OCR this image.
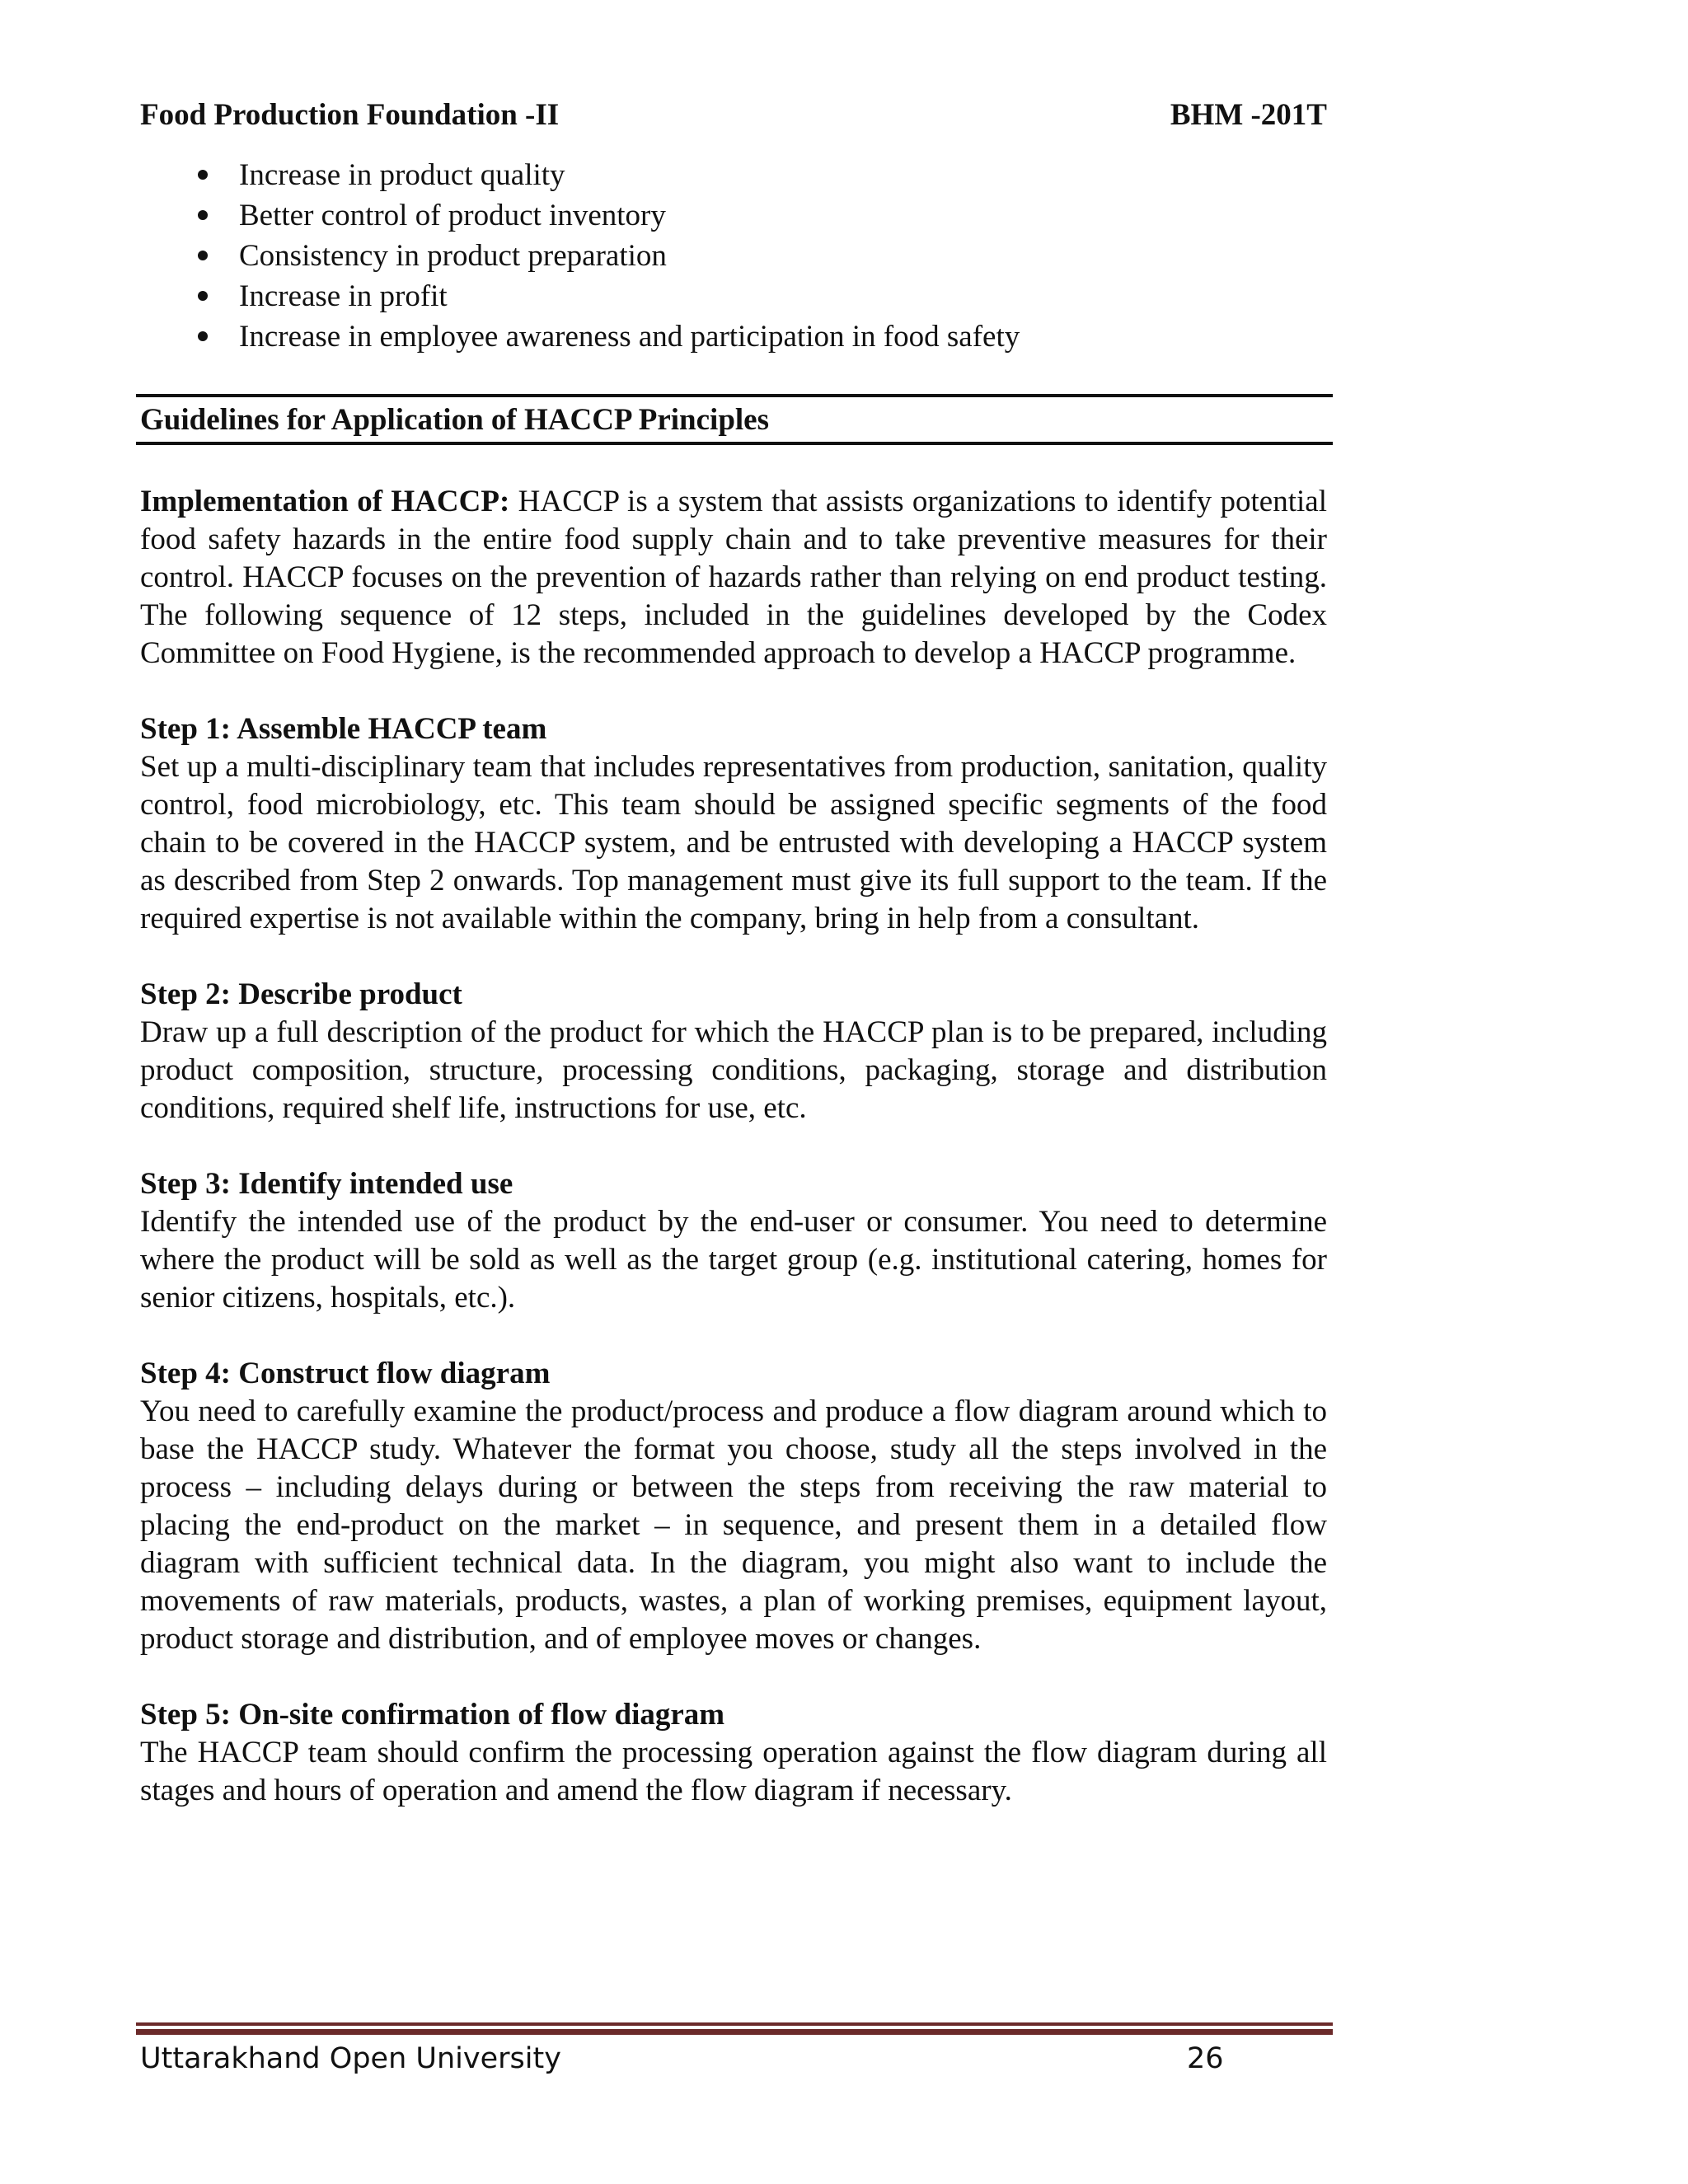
Food Production Foundation -II	BHM -201T
Increase in product quality
Better control of product inventory
Consistency in product preparation
Increase in profit
Increase in employee awareness and participation in food safety
Guidelines for Application of HACCP Principles

Implementation of HACCP: HACCP is a system that assists organizations to identify potential food safety hazards in the entire food supply chain and to take preventive measures for their control. HACCP focuses on the prevention of hazards rather than relying on end product testing. The following sequence of 12 steps, included in the guidelines developed by the Codex Committee on Food Hygiene, is the recommended approach to develop a HACCP programme.

Step 1: Assemble HACCP team

Set up a multi-disciplinary team that includes representatives from production, sanitation, quality control, food microbiology, etc. This team should be assigned specific segments of the food chain to be covered in the HACCP system, and be entrusted with developing a HACCP system as described from Step 2 onwards. Top management must give its full support to the team. If the required expertise is not available within the company, bring in help from a consultant.

Step 2: Describe product

Draw up a full description of the product for which the HACCP plan is to be prepared, including product composition, structure, processing conditions, packaging, storage and distribution conditions, required shelf life, instructions for use, etc.

Step 3: Identify intended use

Identify the intended use of the product by the end-user or consumer. You need to determine where the product will be sold as well as the target group (e.g. institutional catering, homes for senior citizens, hospitals, etc.).

Step 4: Construct flow diagram

You need to carefully examine the product/process and produce a flow diagram around which to base the HACCP study. Whatever the format you choose, study all the steps involved in the process – including delays during or between the steps from receiving the raw material to placing the end-product on the market – in sequence, and present them in a detailed flow diagram with sufficient technical data. In the diagram, you might also want to include the movements of raw materials, products, wastes, a plan of working premises, equipment layout, product storage and distribution, and of employee moves or changes.

Step 5: On-site confirmation of flow diagram

The HACCP team should confirm the processing operation against the flow diagram during all stages and hours of operation and amend the flow diagram if necessary.

Uttarakhand Open University	26
